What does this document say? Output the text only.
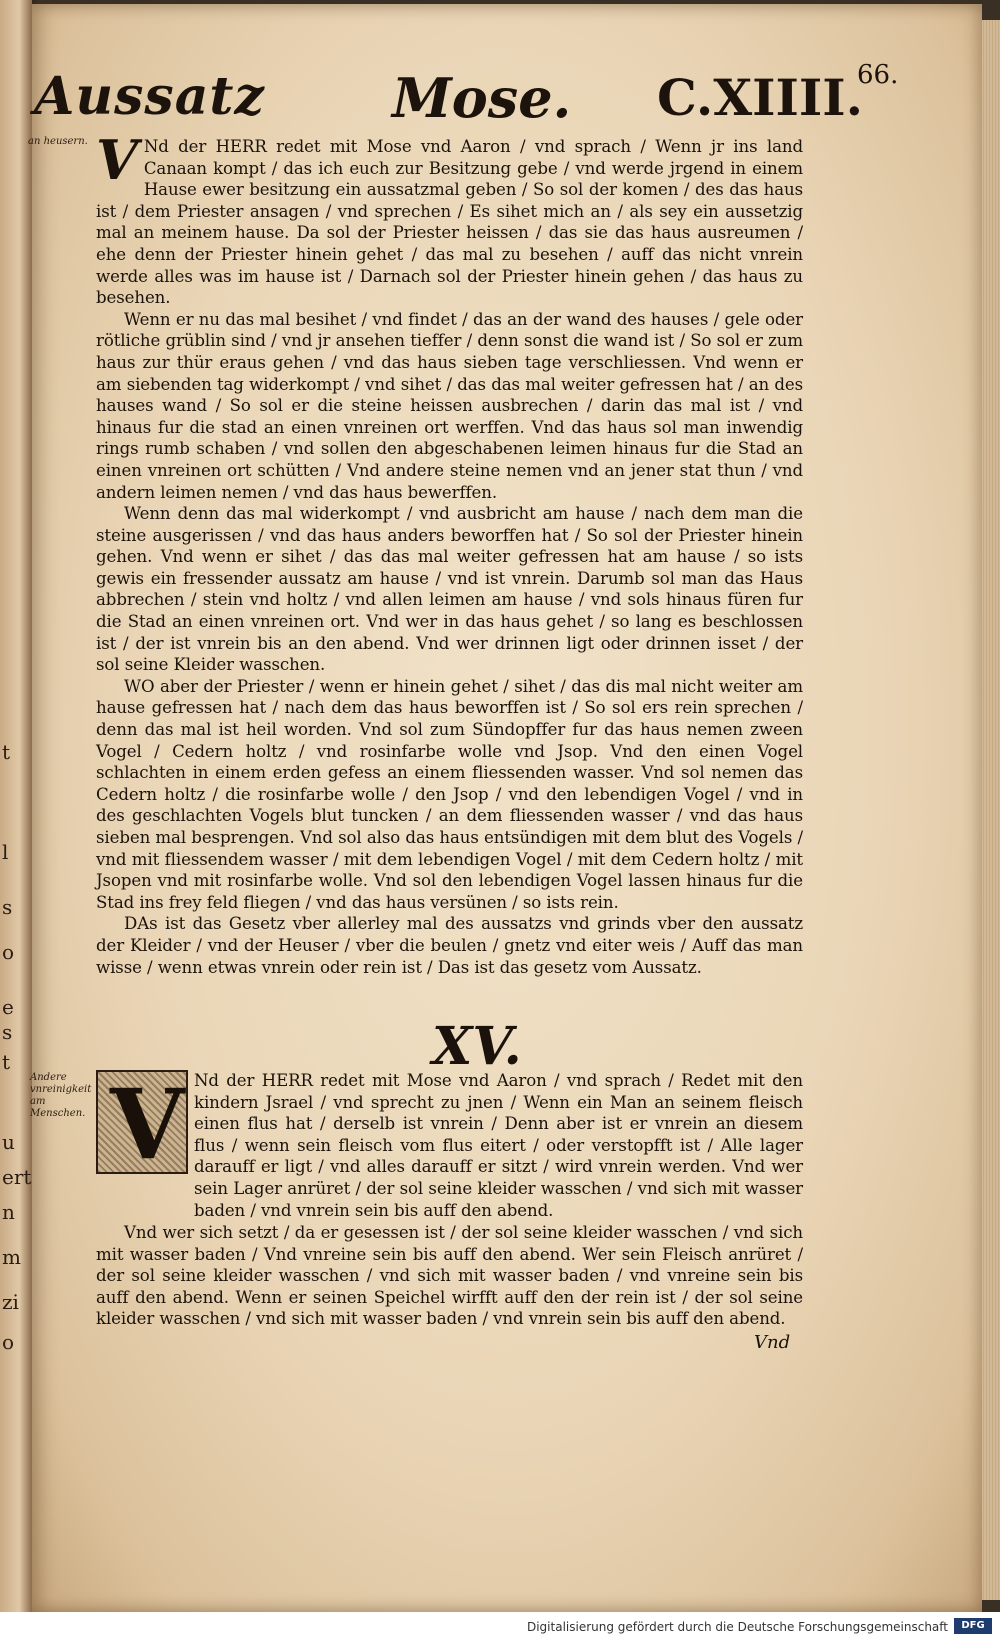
t
l
s
o
e
s
t
u
ert
n
m
zi
o
Aussatz Mose. C.XIIII.
66.
an heusern. V Nd der HERR redet mit Mose vnd Aaron / vnd sprach / Wenn jr ins land Canaan kompt / das ich euch zur Besitzung gebe / vnd werde jrgend in einem Hause ewer besitzung ein aussatzmal geben / So sol der komen / des das haus ist / dem Priester ansagen / vnd sprechen / Es sihet mich an / als sey ein aussetzig mal an meinem hause. Da sol der Priester heissen / das sie das haus ausreumen / ehe denn der Priester hinein gehet / das mal zu besehen / auff das nicht vnrein werde alles was im hause ist / Darnach sol der Priester hinein gehen / das haus zu besehen.

Wenn er nu das mal besihet / vnd findet / das an der wand des hauses / gele oder rötliche grüblin sind / vnd jr ansehen tieffer / denn sonst die wand ist / So sol er zum haus zur thür eraus gehen / vnd das haus sieben tage verschliessen. Vnd wenn er am siebenden tag widerkompt / vnd sihet / das das mal weiter gefressen hat / an des hauses wand / So sol er die steine heissen ausbrechen / darin das mal ist / vnd hinaus fur die stad an einen vnreinen ort werffen. Vnd das haus sol man inwendig rings rumb schaben / vnd sollen den abgeschabenen leimen hinaus fur die Stad an einen vnreinen ort schütten / Vnd andere steine nemen vnd an jener stat thun / vnd andern leimen nemen / vnd das haus bewerffen.

Wenn denn das mal widerkompt / vnd ausbricht am hause / nach dem man die steine ausgerissen / vnd das haus anders beworffen hat / So sol der Priester hinein gehen. Vnd wenn er sihet / das das mal weiter gefressen hat am hause / so ists gewis ein fressender aussatz am hause / vnd ist vnrein. Darumb sol man das Haus abbrechen / stein vnd holtz / vnd allen leimen am hause / vnd sols hinaus füren fur die Stad an einen vnreinen ort. Vnd wer in das haus gehet / so lang es beschlossen ist / der ist vnrein bis an den abend. Vnd wer drinnen ligt oder drinnen isset / der sol seine Kleider wasschen.

WO aber der Priester / wenn er hinein gehet / sihet / das dis mal nicht weiter am hause gefressen hat / nach dem das haus beworffen ist / So sol ers rein sprechen / denn das mal ist heil worden. Vnd sol zum Sündopffer fur das haus nemen zween Vogel / Cedern holtz / vnd rosinfarbe wolle vnd Jsop. Vnd den einen Vogel schlachten in einem erden gefess an einem fliessenden wasser. Vnd sol nemen das Cedern holtz / die rosinfarbe wolle / den Jsop / vnd den lebendigen Vogel / vnd in des geschlachten Vogels blut tuncken / an dem fliessenden wasser / vnd das haus sieben mal besprengen. Vnd sol also das haus entsündigen mit dem blut des Vogels / vnd mit fliessendem wasser / mit dem lebendigen Vogel / mit dem Cedern holtz / mit Jsopen vnd mit rosinfarbe wolle. Vnd sol den lebendigen Vogel lassen hinaus fur die Stad ins frey feld fliegen / vnd das haus versünen / so ists rein.

DAs ist das Gesetz vber allerley mal des aussatzs vnd grinds vber den aussatz der Kleider / vnd der Heuser / vber die beulen / gnetz vnd eiter weis / Auff das man wisse / wenn etwas vnrein oder rein ist / Das ist das gesetz vom Aussatz.

XV.
Andere vnreinigkeit am Menschen. V Nd der HERR redet mit Mose vnd Aaron / vnd sprach / Redet mit den kindern Jsrael / vnd sprecht zu jnen / Wenn ein Man an seinem fleisch einen flus hat / derselb ist vnrein / Denn aber ist er vnrein an diesem flus / wenn sein fleisch vom flus eitert / oder verstopfft ist / Alle lager darauff er ligt / vnd alles darauff er sitzt / wird vnrein werden. Vnd wer sein Lager anrüret / der sol seine kleider wasschen / vnd sich mit wasser baden / vnd vnrein sein bis auff den abend.

Vnd wer sich setzt / da er gesessen ist / der sol seine kleider wasschen / vnd sich mit wasser baden / Vnd vnreine sein bis auff den abend. Wer sein Fleisch anrüret / der sol seine kleider wasschen / vnd sich mit wasser baden / vnd vnreine sein bis auff den abend. Wenn er seinen Speichel wirfft auff den der rein ist / der sol seine kleider wasschen / vnd sich mit wasser baden / vnd vnrein sein bis auff den abend.

Vnd
Digitalisierung gefördert durch die Deutsche Forschungsgemeinschaft	DFG
